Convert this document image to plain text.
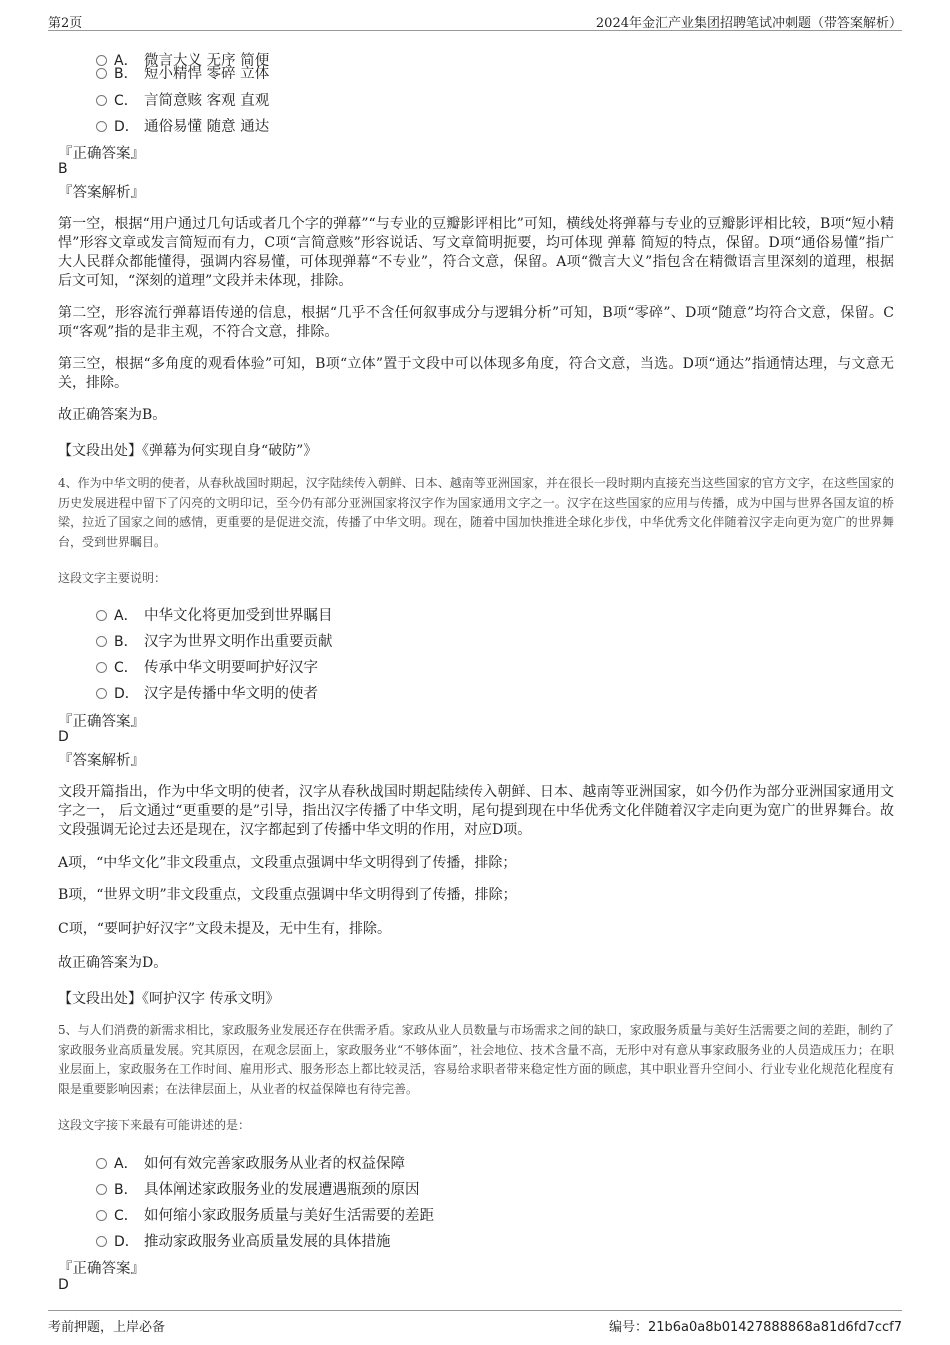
第2页	2024年金汇产业集团招聘笔试冲刺题（带答案解析）
A． 微言大义 无序 简便
B． 短小精悍 零碎 立体
C． 言简意赅 客观 直观
D． 通俗易懂 随意 通达
『正确答案』
B
『答案解析』
第一空，根据“用户通过几句话或者几个字的弹幕”“与专业的豆瓣影评相比”可知，横线处将弹幕与专业的豆瓣影评相比较，B项“短小精悍”形容文章或发言简短而有力，C项“言简意赅”形容说话、写文章简明扼要，均可体现 弹幕 简短的特点，保留。D项“通俗易懂”指广大人民群众都能懂得，强调内容易懂，可体现弹幕“不专业”，符合文意，保留。A项“微言大义”指包含在精微语言里深刻的道理，根据后文可知，“深刻的道理”文段并未体现，排除。
第二空，形容流行弹幕语传递的信息，根据“几乎不含任何叙事成分与逻辑分析”可知，B项“零碎”、D项“随意”均符合文意，保留。C项“客观”指的是非主观，不符合文意，排除。
第三空，根据“多角度的观看体验”可知，B项“立体”置于文段中可以体现多角度，符合文意，当选。D项“通达”指通情达理，与文意无关，排除。
故正确答案为B。
【文段出处】《弹幕为何实现自身“破防”》
4、作为中华文明的使者，从春秋战国时期起，汉字陆续传入朝鲜、日本、越南等亚洲国家，并在很长一段时期内直接充当这些国家的官方文字，在这些国家的历史发展进程中留下了闪亮的文明印记，至今仍有部分亚洲国家将汉字作为国家通用文字之一。汉字在这些国家的应用与传播，成为中国与世界各国友谊的桥梁，拉近了国家之间的感情，更重要的是促进交流，传播了中华文明。现在，随着中国加快推进全球化步伐，中华优秀文化伴随着汉字走向更为宽广的世界舞台，受到世界瞩目。
这段文字主要说明：
A． 中华文化将更加受到世界瞩目
B． 汉字为世界文明作出重要贡献
C． 传承中华文明要呵护好汉字
D． 汉字是传播中华文明的使者
『正确答案』
D
『答案解析』
文段开篇指出，作为中华文明的使者，汉字从春秋战国时期起陆续传入朝鲜、日本、越南等亚洲国家，如今仍作为部分亚洲国家通用文字之一， 后文通过“更重要的是”引导，指出汉字传播了中华文明，尾句提到现在中华优秀文化伴随着汉字走向更为宽广的世界舞台。故文段强调无论过去还是现在，汉字都起到了传播中华文明的作用，对应D项。
A项，“中华文化”非文段重点，文段重点强调中华文明得到了传播，排除；
B项，“世界文明”非文段重点，文段重点强调中华文明得到了传播，排除；
C项，“要呵护好汉字”文段未提及，无中生有，排除。
故正确答案为D。
【文段出处】《呵护汉字 传承文明》
5、与人们消费的新需求相比，家政服务业发展还存在供需矛盾。家政从业人员数量与市场需求之间的缺口，家政服务质量与美好生活需要之间的差距，制约了家政服务业高质量发展。究其原因，在观念层面上，家政服务业“不够体面”，社会地位、技术含量不高，无形中对有意从事家政服务业的人员造成压力；在职业层面上，家政服务在工作时间、雇用形式、服务形态上都比较灵活，容易给求职者带来稳定性方面的顾虑，其中职业晋升空间小、行业专业化规范化程度有限是重要影响因素；在法律层面上，从业者的权益保障也有待完善。
这段文字接下来最有可能讲述的是：
A． 如何有效完善家政服务从业者的权益保障
B． 具体阐述家政服务业的发展遭遇瓶颈的原因
C． 如何缩小家政服务质量与美好生活需要的差距
D． 推动家政服务业高质量发展的具体措施
『正确答案』
D
考前押题，上岸必备	编号：21b6a0a8b01427888868a81d6fd7ccf7
